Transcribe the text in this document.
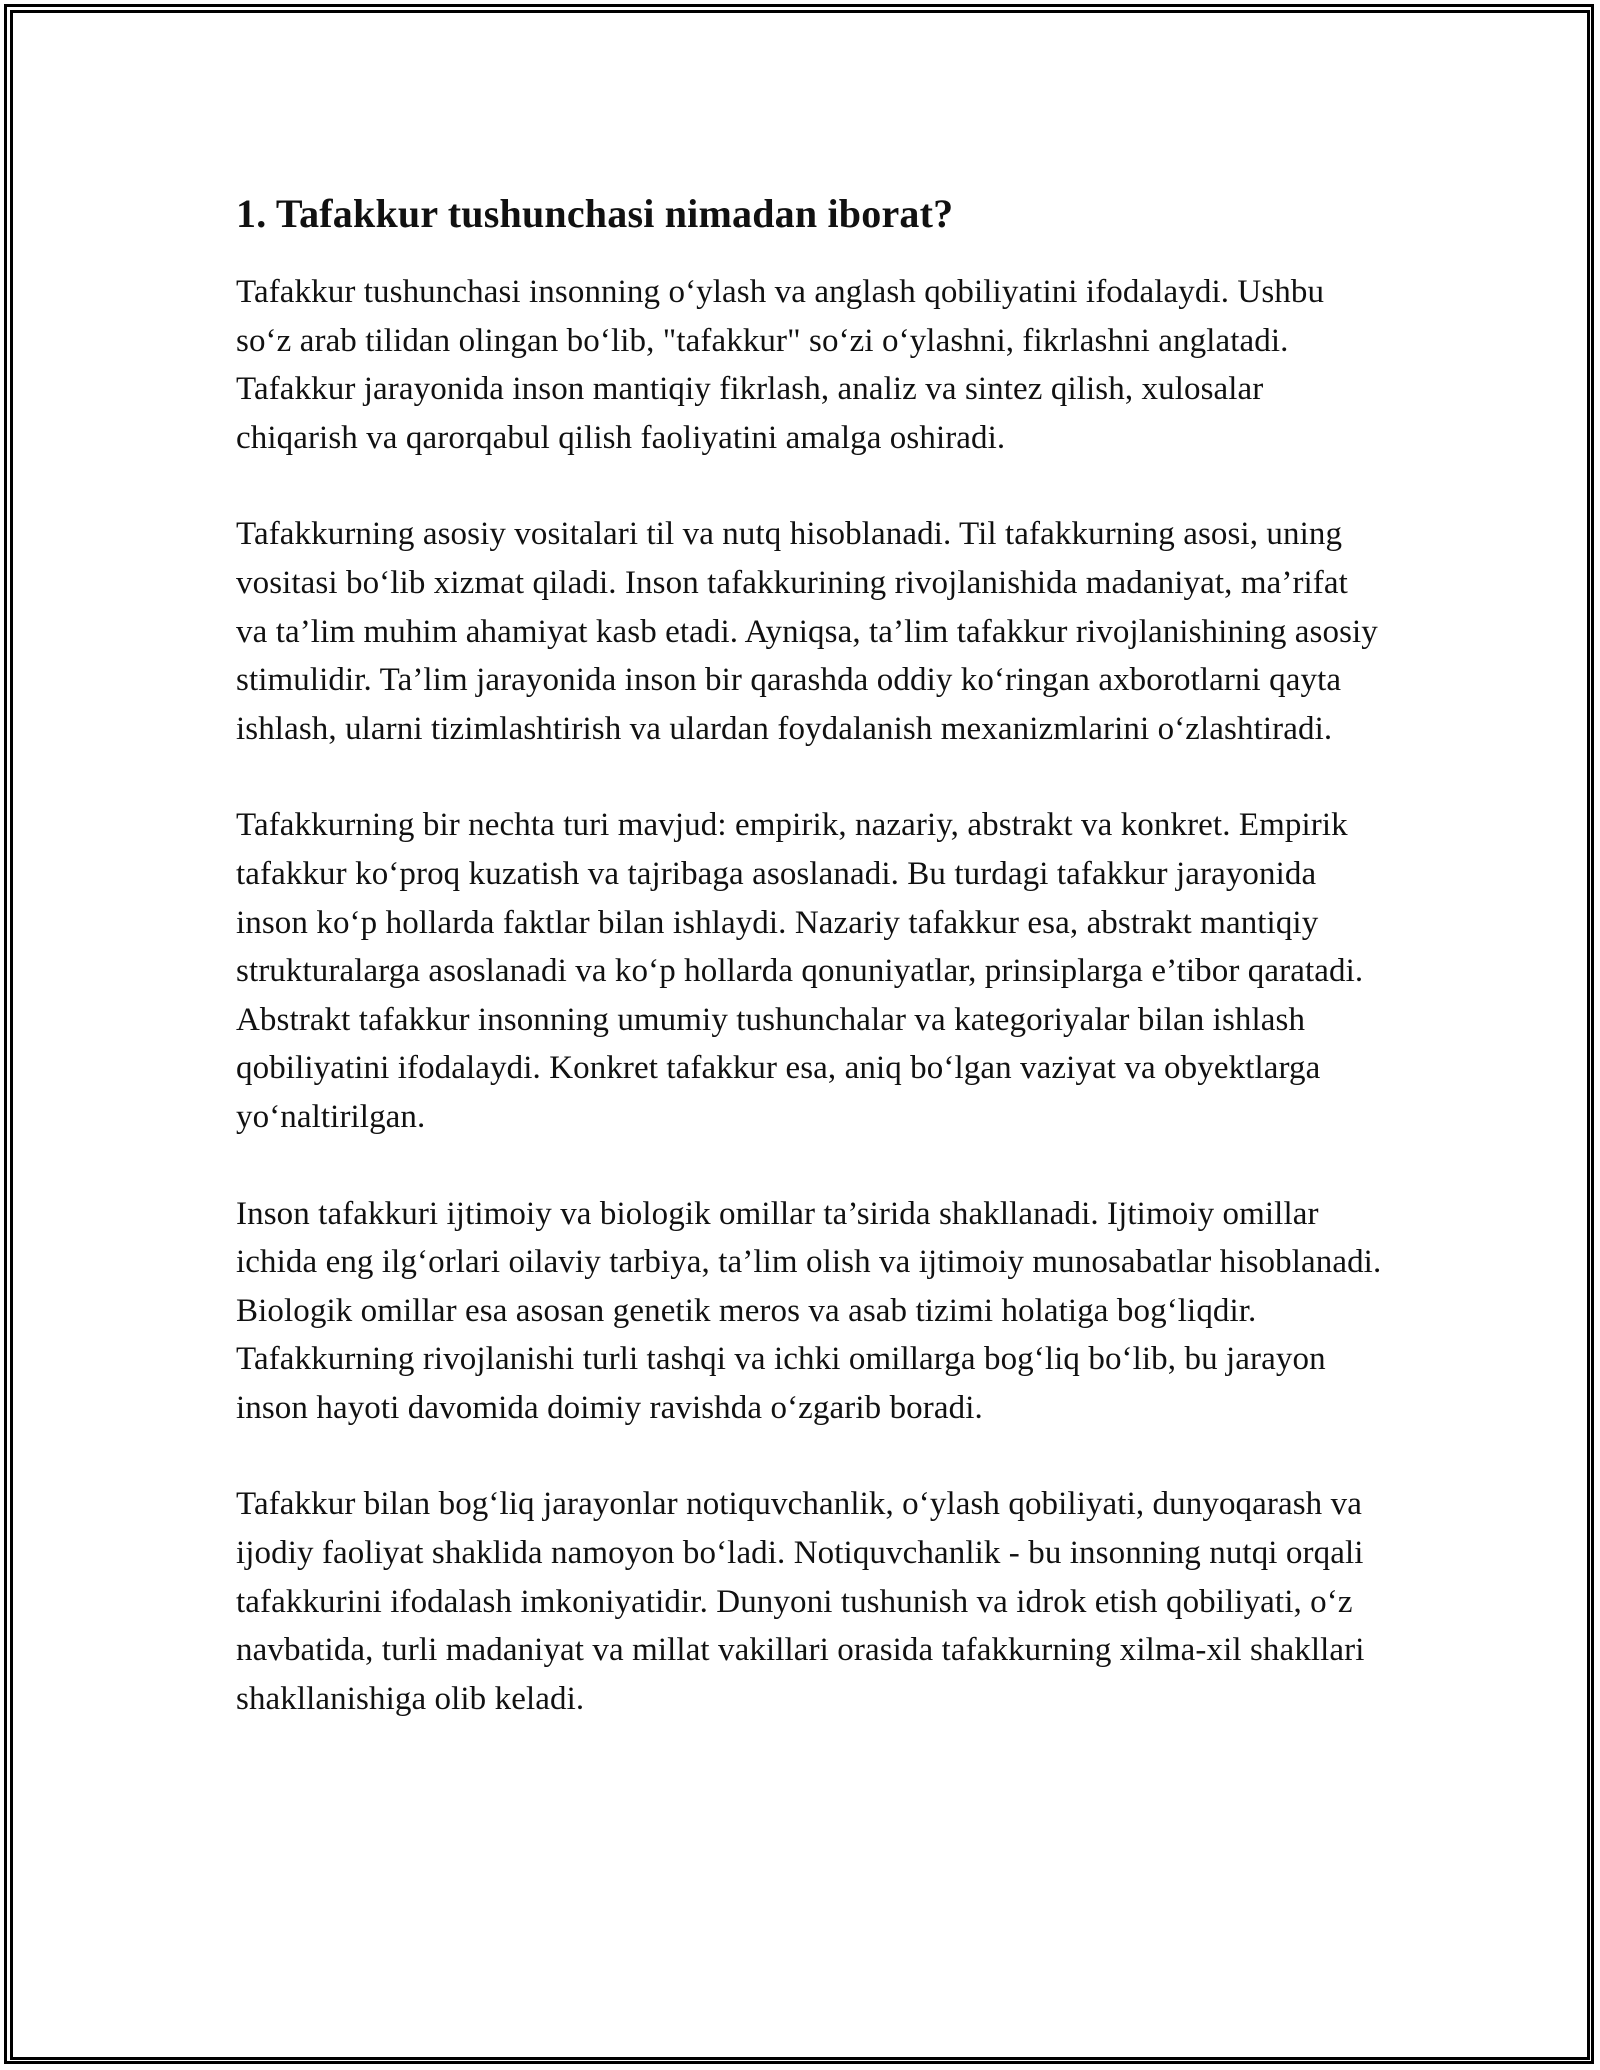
1. Tafakkur tushunchasi nimadan iborat?

Tafakkur tushunchasi insonning o‘ylash va anglash qobiliyatini ifodalaydi. Ushbu so‘z arab tilidan olingan bo‘lib, "tafakkur" so‘zi o‘ylashni, fikrlashni anglatadi. Tafakkur jarayonida inson mantiqiy fikrlash, analiz va sintez qilish, xulosalar chiqarish va qarorqabul qilish faoliyatini amalga oshiradi.

Tafakkurning asosiy vositalari til va nutq hisoblanadi. Til tafakkurning asosi, uning vositasi bo‘lib xizmat qiladi. Inson tafakkurining rivojlanishida madaniyat, ma’rifat va ta’lim muhim ahamiyat kasb etadi. Ayniqsa, ta’lim tafakkur rivojlanishining asosiy stimulidir. Ta’lim jarayonida inson bir qarashda oddiy ko‘ringan axborotlarni qayta ishlash, ularni tizimlashtirish va ulardan foydalanish mexanizmlarini o‘zlashtiradi.

Tafakkurning bir nechta turi mavjud: empirik, nazariy, abstrakt va konkret. Empirik tafakkur ko‘proq kuzatish va tajribaga asoslanadi. Bu turdagi tafakkur jarayonida inson ko‘p hollarda faktlar bilan ishlaydi. Nazariy tafakkur esa, abstrakt mantiqiy strukturalarga asoslanadi va ko‘p hollarda qonuniyatlar, prinsiplarga e’tibor qaratadi. Abstrakt tafakkur insonning umumiy tushunchalar va kategoriyalar bilan ishlash qobiliyatini ifodalaydi. Konkret tafakkur esa, aniq bo‘lgan vaziyat va obyektlarga yo‘naltirilgan.

Inson tafakkuri ijtimoiy va biologik omillar ta’sirida shakllanadi. Ijtimoiy omillar ichida eng ilg‘orlari oilaviy tarbiya, ta’lim olish va ijtimoiy munosabatlar hisoblanadi. Biologik omillar esa asosan genetik meros va asab tizimi holatiga bog‘liqdir. Tafakkurning rivojlanishi turli tashqi va ichki omillarga bog‘liq bo‘lib, bu jarayon inson hayoti davomida doimiy ravishda o‘zgarib boradi.

Tafakkur bilan bog‘liq jarayonlar notiquvchanlik, o‘ylash qobiliyati, dunyoqarash va ijodiy faoliyat shaklida namoyon bo‘ladi. Notiquvchanlik - bu insonning nutqi orqali tafakkurini ifodalash imkoniyatidir. Dunyoni tushunish va idrok etish qobiliyati, o‘z navbatida, turli madaniyat va millat vakillari orasida tafakkurning xilma-xil shakllari shakllanishiga olib keladi.
